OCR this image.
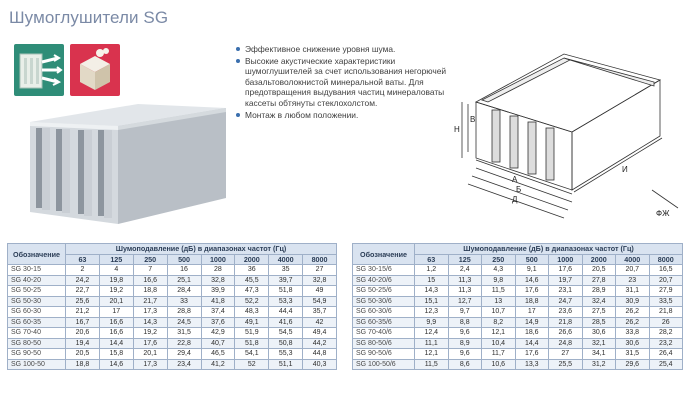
Шумоглушители SG
Эффективное снижение уровня шума.
Высокие акустические характеристики шумоглушителей за счет использования негорючей базальтоволокнистой минеральной ваты. Для предотвращения выдувания частиц минераловаты кассеты обтянуты стеклохолстом.
Монтаж в любом положении.
Н
В
И
А
Б
Д
ФЖ
Обозначение	Шумоподавление (дБ) в диапазонах частот (Гц)							
	63	125	250	500	1000	2000	4000	8000
SG 30-15	2	4	7	16	28	36	35	27
SG 40-20	24,2	19,8	16,6	25,1	32,8	45,5	39,7	32,8
SG 50-25	22,7	19,2	18,8	28,4	39,9	47,3	51,8	49
SG 50-30	25,6	20,1	21,7	33	41,8	52,2	53,3	54,9
SG 60-30	21,2	17	17,3	28,8	37,4	48,3	44,4	35,7
SG 60-35	16,7	16,6	14,3	24,5	37,6	49,1	41,6	42
SG 70-40	20,6	16,6	19,2	31,5	42,9	51,9	54,5	49,4
SG 80-50	19,4	14,4	17,6	22,8	40,7	51,8	50,8	44,2
SG 90-50	20,5	15,8	20,1	29,4	46,5	54,1	55,3	44,8
SG 100-50	18,8	14,6	17,3	23,4	41,2	52	51,1	40,3
Обозначение	Шумоподавление (дБ) в диапазонах частот (Гц)							
	63	125	250	500	1000	2000	4000	8000
SG 30-15/6	1,2	2,4	4,3	9,1	17,6	20,5	20,7	16,5
SG 40-20/6	15	11,3	9,8	14,6	19,7	27,8	23	20,7
SG 50-25/6	14,3	11,3	11,5	17,6	23,1	28,9	31,1	27,9
SG 50-30/6	15,1	12,7	13	18,8	24,7	32,4	30,9	33,5
SG 60-30/6	12,3	9,7	10,7	17	23,6	27,5	26,2	21,8
SG 60-35/6	9,9	8,8	8,2	14,9	21,8	28,5	26,2	26
SG 70-40/6	12,4	9,6	12,1	18,6	26,6	30,6	33,8	28,2
SG 80-50/6	11,1	8,9	10,4	14,4	24,8	32,1	30,6	23,2
SG 90-50/6	12,1	9,6	11,7	17,6	27	34,1	31,5	26,4
SG 100-50/6	11,5	8,6	10,6	13,3	25,5	31,2	29,6	25,4
